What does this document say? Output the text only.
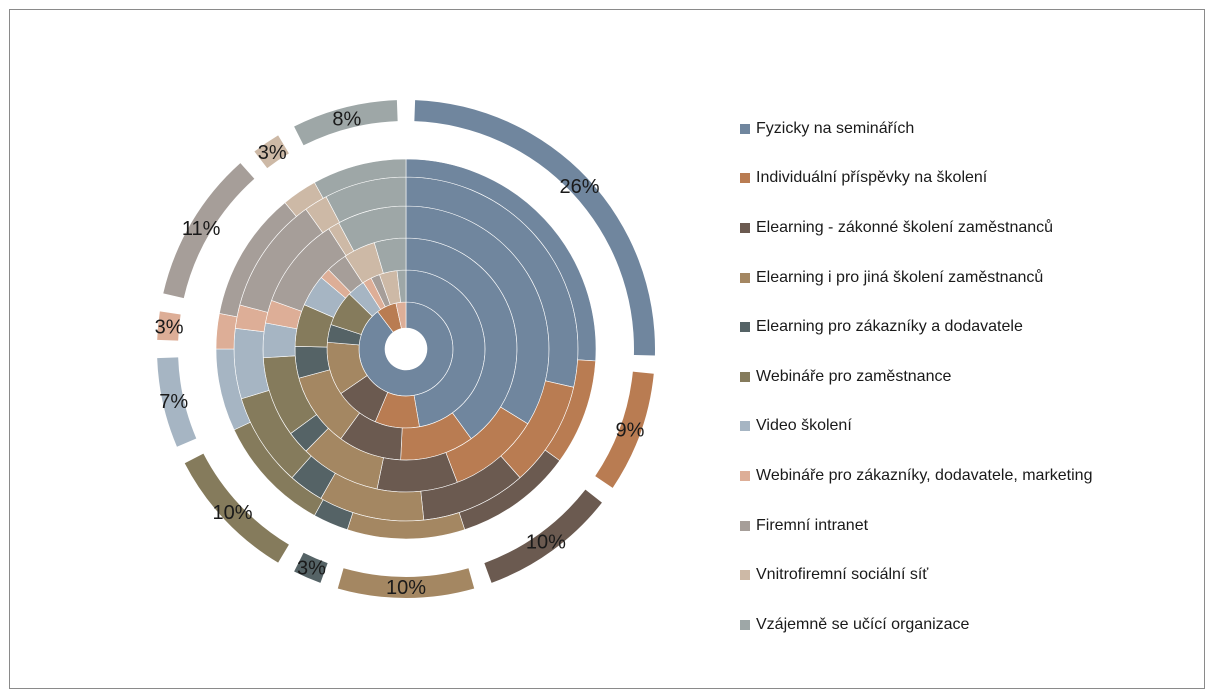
26%
9%
10%
10%
3%
10%
7%
3%
11%
3%
8%	Fyzicky na seminářích
Individuální příspěvky na školení
Elearning - zákonné školení zaměstnanců
Elearning i pro jiná školení zaměstnanců
Elearning pro zákazníky a dodavatele
Webináře pro zaměstnance
Video školení
Webináře pro zákazníky, dodavatele, marketing
Firemní intranet
Vnitrofiremní sociální síť
Vzájemně se učící organizace
